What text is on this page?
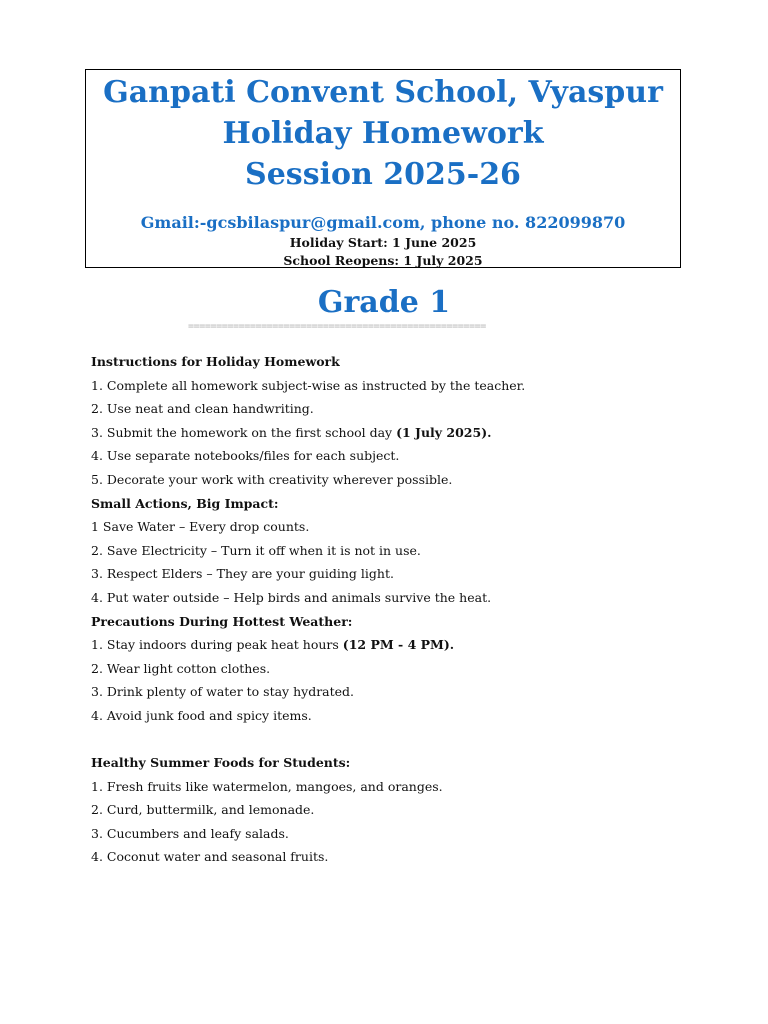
Ganpati Convent School, Vyaspur

Holiday Homework

Session 2025-26

Gmail:-gcsbilaspur@gmail.com, phone no. 822099870
Holiday Start: 1 June 2025
School Reopens: 1 July 2025
Grade 1
=====================================================
Instructions for Holiday Homework
1. Complete all homework subject-wise as instructed by the teacher.
2. Use neat and clean handwriting.
3. Submit the homework on the first school day (1 July 2025).
4. Use separate notebooks/files for each subject.
5. Decorate your work with creativity wherever possible.
Small Actions, Big Impact:
1 Save Water – Every drop counts.
2. Save Electricity – Turn it off when it is not in use.
3. Respect Elders – They are your guiding light.
4. Put water outside – Help birds and animals survive the heat.
Precautions During Hottest Weather:
1. Stay indoors during peak heat hours (12 PM - 4 PM).
2. Wear light cotton clothes.
3. Drink plenty of water to stay hydrated.
4. Avoid junk food and spicy items.
Healthy Summer Foods for Students:
1. Fresh fruits like watermelon, mangoes, and oranges.
2. Curd, buttermilk, and lemonade.
3. Cucumbers and leafy salads.
4. Coconut water and seasonal fruits.
